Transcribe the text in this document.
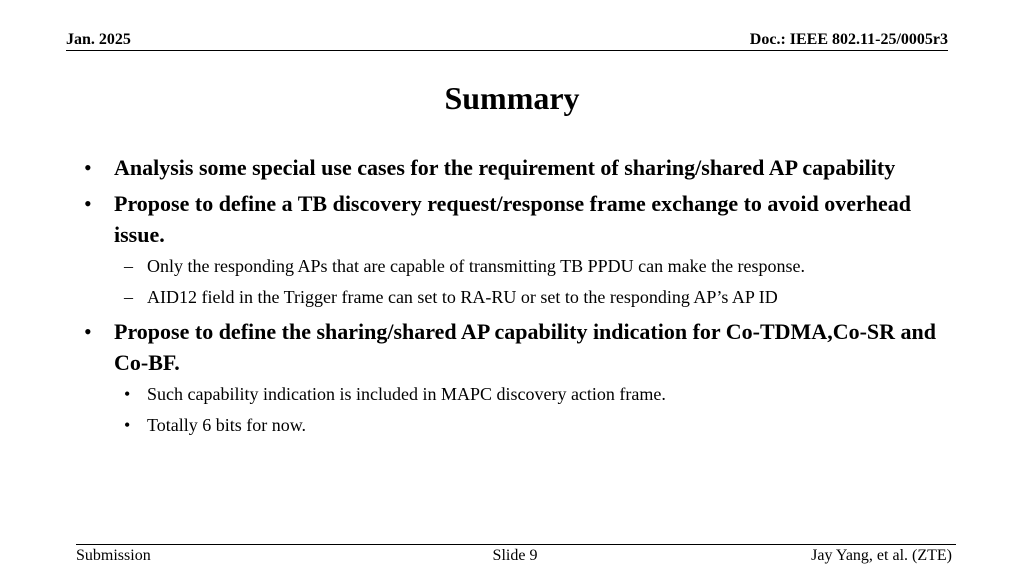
Jan. 2025	Doc.: IEEE 802.11-25/0005r3
Summary
• Analysis some special use cases for the requirement of sharing/shared AP capability
• Propose to define a TB discovery request/response frame exchange to avoid overhead issue.
– Only the responding APs that are capable of transmitting TB PPDU can make the response.
– AID12 field in the Trigger frame can set to RA-RU or set to the responding AP’s AP ID
• Propose to define the sharing/shared AP capability indication for Co-TDMA,Co-SR and Co-BF.
• Such capability indication is included in MAPC discovery action frame.
• Totally 6 bits for now.
Submission	Slide 9	Jay Yang, et al. (ZTE)
